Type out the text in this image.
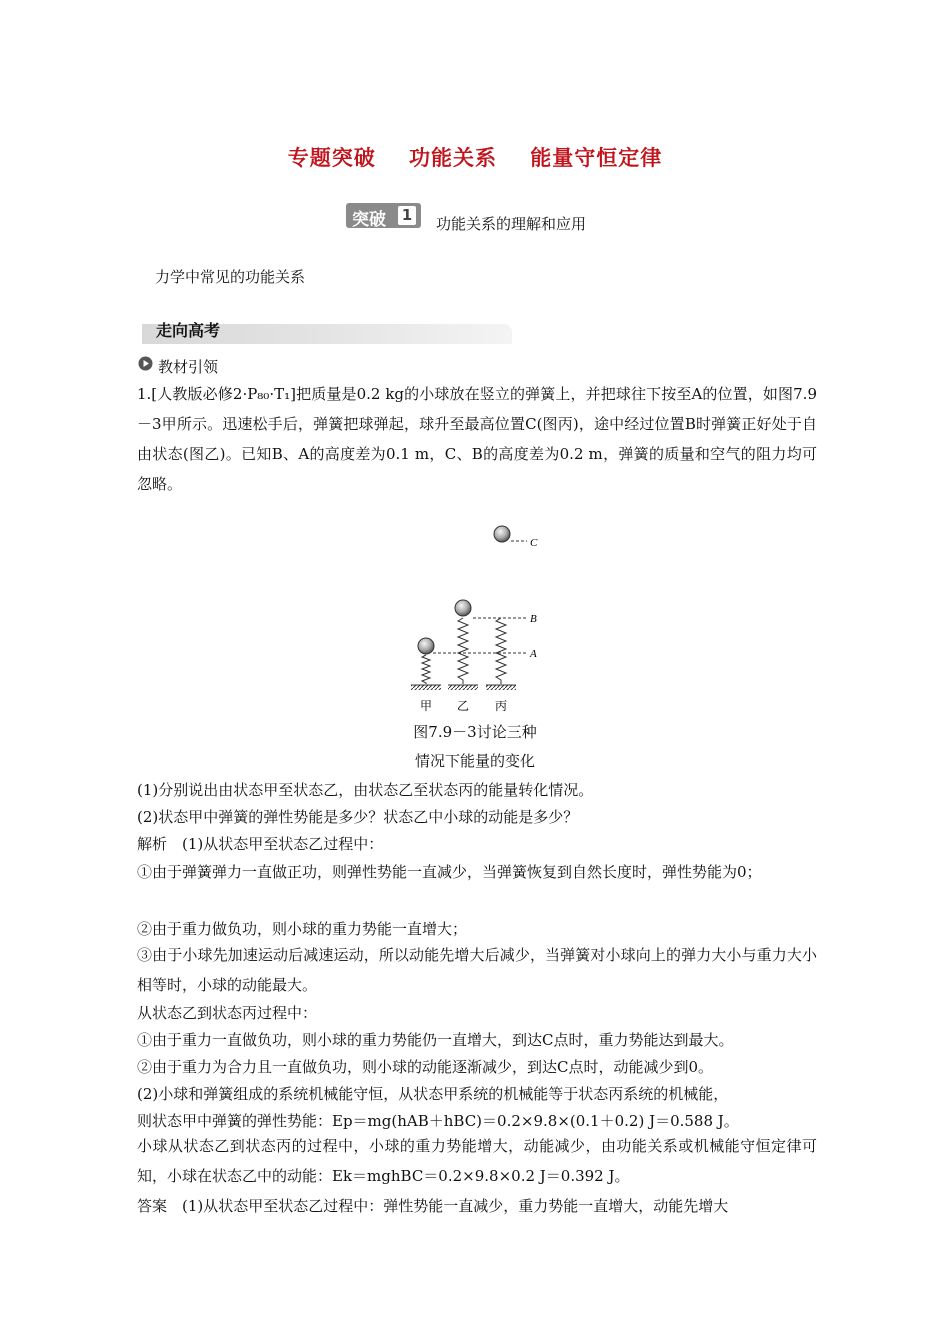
专题突破    功能关系    能量守恒定律
突破 1 功能关系的理解和应用
力学中常见的功能关系
走向高考
教材引领
1.[人教版必修2·P₈₀·T₁]把质量是0.2 kg的小球放在竖立的弹簧上，并把球往下按至A的位置，如图7.9－3甲所示。迅速松手后，弹簧把球弹起，球升至最高位置C(图丙)，途中经过位置B时弹簧正好处于自由状态(图乙)。已知B、A的高度差为0.1 m，C、B的高度差为0.2 m，弹簧的质量和空气的阻力均可忽略。
C
B
A
甲 乙 丙
图7.9－3讨论三种
情况下能量的变化
(1)分别说出由状态甲至状态乙，由状态乙至状态丙的能量转化情况。
(2)状态甲中弹簧的弹性势能是多少？状态乙中小球的动能是多少？
解析　(1)从状态甲至状态乙过程中：
①由于弹簧弹力一直做正功，则弹性势能一直减少，当弹簧恢复到自然长度时，弹性势能为0；
②由于重力做负功，则小球的重力势能一直增大；
③由于小球先加速运动后减速运动，所以动能先增大后减少，当弹簧对小球向上的弹力大小与重力大小相等时，小球的动能最大。
从状态乙到状态丙过程中：
①由于重力一直做负功，则小球的重力势能仍一直增大，到达C点时，重力势能达到最大。
②由于重力为合力且一直做负功，则小球的动能逐渐减少，到达C点时，动能减少到0。
(2)小球和弹簧组成的系统机械能守恒，从状态甲系统的机械能等于状态丙系统的机械能，
则状态甲中弹簧的弹性势能：Ep＝mg(hAB＋hBC)＝0.2×9.8×(0.1＋0.2) J＝0.588 J。
小球从状态乙到状态丙的过程中，小球的重力势能增大，动能减少，由功能关系或机械能守恒定律可知，小球在状态乙中的动能：Ek＝mghBC＝0.2×9.8×0.2 J＝0.392 J。
答案　(1)从状态甲至状态乙过程中：弹性势能一直减少，重力势能一直增大，动能先增大
